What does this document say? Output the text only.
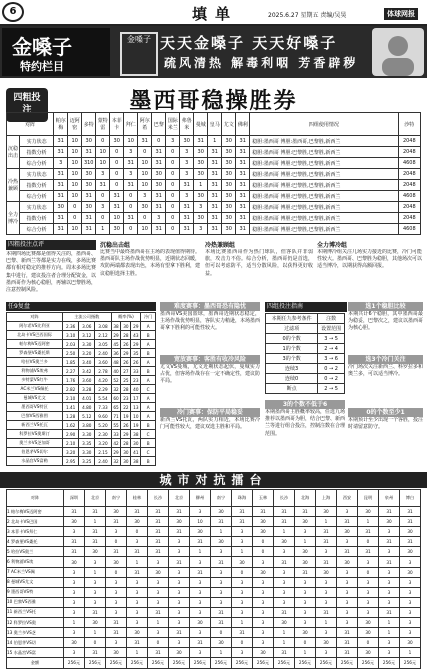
6	填单	2025.6.27 星期五 责编/吴昊	体球网报
金嗓子
特约栏目
金嗓子 天天金嗓子 天天好嗓子
疏风清热 解毒利咽 芳香辟秽
墨西哥稳操胜券
四粗投注
对阵		帕尔梅	迈阿密	多特	蒙特雷	本菲卡	拜仁	阿尔希	巴黎	国际米兰	弗鲁米	曼城	皇马	尤文	佛利	四组使用情况	沙特
沉稳出击	实力状态	31	10	30	0	30	10	31	0	3	30	31	1	30	31	稳胆:墨西哥 博胆:墨西哥,巴黎胜,新西兰	2048
	指数分析	31	10	31	10	0	3	0	31	0	3	30	31	30	31	稳胆:墨西哥 博胆:巴黎胜,巴黎胜,新西兰	2048
	综合分析	3	10	310	10	0	31	10	31	0	3	30	31	30	31	稳胆:墨西哥 博胆:巴黎胜,巴黎胜,新西兰	4608
冷热兼顾	实力状态	31	10	30	3	0	3	10	30	0	3	30	31	30	31	稳胆:墨西哥 博胆:巴黎胜,巴黎胜,新西兰	2048
	指数分析	31	10	30	31	0	31	10	30	0	31	1	31	30	31	稳胆:墨西哥 博胆:巴黎胜,巴黎胜,新西兰	2048
	综合分析	31	10	31	0	31	0	3	31	0	3	30	31	30	31	稳胆:墨西哥 博胆:巴黎胜,巴黎胜,新西兰	4608
全力博冷	实力状态	30	0	30	3	31	0	30	31	0	31	3	31	30	31	稳胆:墨西哥 博胆:巴黎胜,巴黎胜,新西兰	2048
	指数分析	31	0	31	0	10	31	0	3	0	31	30	31	30	31	稳胆:墨西哥 博胆:巴黎胜,巴黎胜,新西兰	2048
	综合分析	31	10	31	1	30	0	10	31	0	31	3	31	30	31	稳胆:墨西哥 博胆:巴黎胜,巴黎胜,新西兰	4608
四粗投注点评
本期四场比赛都是值得关注的，墨西哥、巴黎、新西兰等都是实力在线，多场比赛都有相对稳定的推荐方向。周末多场比赛集中进行，建议投注者合理分配资金，以墨西哥作为核心稳胆，再辅以巴黎胜场，注意控制风险。
沉稳出击组
比赛当中最终墨西哥在主场的表现值得期待。墨西哥队主场作战优势明显，近期状态回暖，攻防两端都表现出色，本场有望拿下胜利，建议稳胆选择主胜。
冷热兼顾组
本场比赛墨西哥作为热门球队，但客队并非弱旅，攻击力不俗。综合分析，墨西哥仍是首选，但可以考虑防平，适当分散风险，以获得更好收益。
全力博冷组
本期博冷组关注几场实力接近的比赛，冷门可能性较大。墨西哥、巴黎胜为稳胆，其他场次可以适当博冷，以期获得高额回报。
任9复盘
对阵	主流公司指数			概率(%)			冷门
阿尔希VS比利亚	2.36	3.06	3.08	38	30	29	A
北岛卡VS巴西国际	3.10	3.12	2.12	29	28	43	B
帕尔梅VS迈阿密	2.03	3.30	3.05	45	26	29	A
罗森堡VS桑托斯	2.50	3.20	2.40	36	29	35	B
哈拉VS奥兰多	1.85	3.40	3.60	48	26	26	A
利物浦VS埃弗	2.27	3.42	2.78	40	27	33	B
多特蒙VS红牛	1.76	3.60	4.20	52	25	23	A
AC米兰VS佩托	2.82	3.28	2.29	32	28	40	C
曼城VS尤文	2.10	4.01	5.54	60	23	17	A
墨西哥VS特区	1.41	4.80	7.33	65	22	13	A
巴黎VS西雅图	1.28	5.12	9.60	71	19	10	A
新西兰VS托瓦	1.62	3.80	5.20	55	26	19	B
科罗拉VS奥斯汀	2.90	3.30	2.30	33	29	38	C
奥兰多VS芝加哥	2.10	3.35	3.20	42	28	30	B
伯恩茅VS切尔	3.20	3.30	2.15	29	30	41	C
水晶宫VS富勒	2.95	3.25	2.40	32	30	38	B
难度赛事：墨西哥恐有隐忧
墨西哥VS美国篮球，墨西哥近期状态稳定，主场作战优势明显，客队实力稍逊，本场墨西哥拿下胜利的可能性较大。
宽放赛事：客胜有收冷风险
尤文VS曼城，尤文近期状态起伏，曼城实力占优，但客场作战存在一定不确定性，建议防平局。
冷门赛事：保防平局稳妥
新西兰VS托瓦，两队实力相近，本场比赛冷门可能性较大，建议双选主胜和平局。
四组投注指南
本期任九参考条件	注数
过滤项	设置范围
0的个数	3 → 5
1的个数	2 → 4
3的个数	3 → 6
连续3	0 → 2
连续0	0 → 2
断点	2 → 5
3的个数不低于6
本期墨西哥主胜概率较高，任选九场推荐以墨西哥为胆，结合巴黎、新西兰等进行组合投注，控制注数在合理范围。
选1个稳胆比较
本期共计6个稳胆，其中墨西哥最为稳妥，巴黎次之，建议以墨西哥为核心胆。
选3个冷门关注
冷门场次关注新西兰、科罗拉多和奥兰多，可以适当博冷。
0的个数至少1
本期预计至少出现一个客胜，投注时请留意防守。
城市对抗擂台
对阵	深圳	北京	南宁	桂林	长沙	北京	柳州	南宁	珠海	玉林	长沙	北海	上海	西安	昆明	泉州	博白
1 帕尔梅VS迈阿密	31	31	30	31	31	31	3	30	31	31	31	31	30	3	30	31	31
2 北岛卡VS巴国	30	1	31	30	31	30	10	31	31	30	31	30	1	31	1	30	31
3 本菲卡VS拜仁	3	31	3	0	31	31	30	1	3	30	1	3	31	30	31	3	30
4 罗森堡VS桑托	31	31	0	3	31	3	31	30	3	0	30	1	31	3	0	31	31
5 哈拉VS奥兰	31	30	31	31	31	3	1	3	1	0	3	30	3	31	31	3	30
6 利物浦VS埃	30	3	30	1	3	31	3	31	30	3	31	30	31	30	3	31	3
7 AC米兰VS佩	3	1	0	31	30	3	31	3	0	30	3	31	30	3	0	3	30
8 曼城VS尤文	3	3	3	3	3	3	3	3	3	3	3	3	3	3	3	3	3
9 墨西哥VS特	3	3	3	3	3	3	3	3	3	3	3	3	3	3	3	3	3
10 巴黎VS西雅	3	3	3	3	3	3	3	3	3	3	3	3	3	3	3	3	3
11 新西兰VS托	3	31	3	3	31	3	3	31	3	3	31	3	31	3	3	31	3
12 科罗拉VS奥	1	30	31	3	1	3	30	31	1	3	30	3	1	3	30	1	3
13 奥兰多VS芝	3	1	31	30	3	31	3	0	31	3	1	30	3	31	30	1	3
14 伯恩茅VS切	30	0	3	31	0	3	31	30	0	3	1	0	30	31	0	3	30
15 水晶宫VS富	3	31	30	1	31	30	3	1	3	30	31	1	3	31	30	3	1
金额	256元	256元	256元	256元	256元	256元	256元	256元	256元	256元	256元	256元	256元	256元	256元	256元	256元
